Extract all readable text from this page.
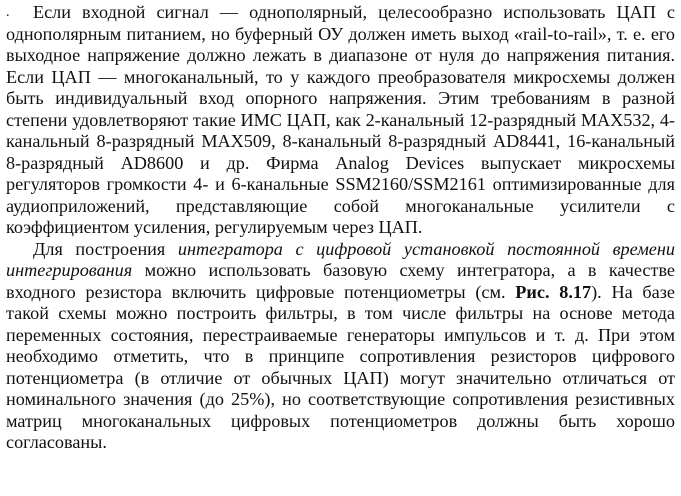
.	Если входной сигнал — однополярный, целесообразно использовать ЦАП с однополярным питанием, но буферный ОУ должен иметь выход «rail-to-rail», т. е. его выходное напряжение должно лежать в диапазоне от нуля до напряжения питания. Если ЦАП — многоканальный, то у каждого преобразователя микросхемы должен быть индивидуальный вход опорного напряжения. Этим требованиям в разной степени удовлетворяют такие ИМС ЦАП, как 2-канальный 12-разрядный MAX532, 4-канальный 8-разрядный MAX509, 8-канальный 8-разрядный AD8441, 16-канальный 8-разрядный AD8600 и др. Фирма Analog Devices выпускает микросхемы регуляторов громкости 4- и 6-канальные SSM2160/SSM2161 оптимизированные для аудиоприложений, представляющие собой многоканальные усилители с коэффициентом усиления, регулируемым через ЦАП.

Для построения интегратора с цифровой установкой постоянной времени интегрирования можно использовать базовую схему интегратора, а в качестве входного резистора включить цифровые потенциометры (см. Рис. 8.17). На базе такой схемы можно построить фильтры, в том числе фильтры на основе метода переменных состояния, перестраиваемые генераторы импульсов и т. д. При этом необходимо отметить, что в принципе сопротивления резисторов цифрового потенциометра (в отличие от обычных ЦАП) могут значительно отличаться от номинального значения (до 25%), но соответствующие сопротивления резистивных матриц многоканальных цифровых потенциометров должны быть хорошо согласованы.
